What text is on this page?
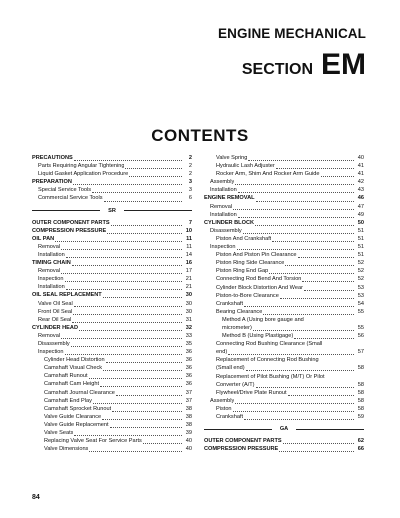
ENGINE MECHANICAL
SECTION EM
CONTENTS
PRECAUTIONS	2
Parts Requiring Angular Tightening	2
Liquid Gasket Application Procedure	2
PREPARATION	3
Special Service Tools	3
Commercial Service Tools	6
SR
OUTER COMPONENT PARTS	7
COMPRESSION PRESSURE	10
OIL PAN	11
Removal	11
Installation	14
TIMING CHAIN	16
Removal	17
Inspection	21
Installation	21
OIL SEAL REPLACEMENT	30
Valve Oil Seal	30
Front Oil Seal	30
Rear Oil Seal	31
CYLINDER HEAD	32
Removal	33
Disassembly	35
Inspection	36
Cylinder Head Distortion	36
Camshaft Visual Check	36
Camshaft Runout	36
Camshaft Cam Height	36
Camshaft Journal Clearance	37
Camshaft End Play	37
Camshaft Sprocket Runout	38
Valve Guide Clearance	38
Valve Guide Replacement	38
Valve Seats	39
Replacing Valve Seat For Service Parts	40
Valve Dimensions	40
Valve Spring	40
Hydraulic Lash Adjuster	41
Rocker Arm, Shim And Rocker Arm Guide	41
Assembly	42
Installation	43
ENGINE REMOVAL	46
Removal	47
Installation	49
CYLINDER BLOCK	50
Disassembly	51
Piston And Crankshaft	51
Inspection	51
Piston And Piston Pin Clearance	51
Piston Ring Side Clearance	52
Piston Ring End Gap	52
Connecting Rod Bend And Torsion	52
Cylinder Block Distortion And Wear	53
Piston-to-Bore Clearance	53
Crankshaft	54
Bearing Clearance	55
Method A (Using bore gauge and
micrometer)	55
Method B (Using Plastigage)	56
Connecting Rod Bushing Clearance (Small
end)	57
Replacement of Connecting Rod Bushing
(Small end)	58
Replacement of Pilot Bushing (M/T) Or Pilot
Converter (A/T)	58
Flywheel/Drive Plate Runout	58
Assembly	58
Piston	58
Crankshaft	59
GA
OUTER COMPONENT PARTS	62
COMPRESSION PRESSURE	66
84
